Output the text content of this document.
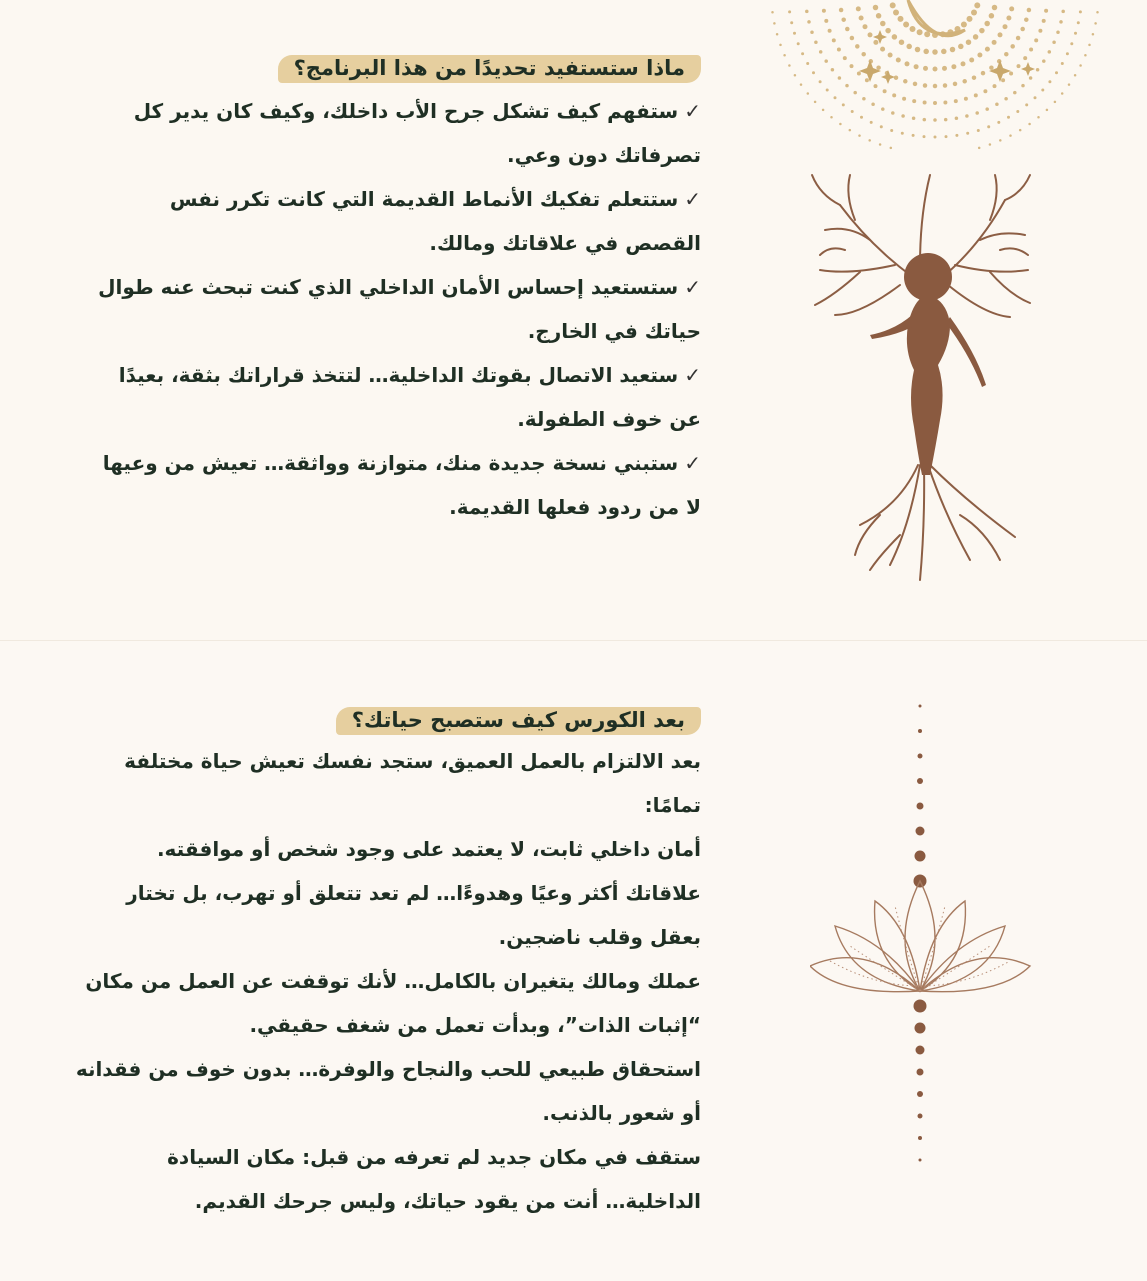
ماذا ستستفيد تحديدًا من هذا البرنامج؟
✓ستفهم كيف تشكل جرح الأب داخلك، وكيف كان يدير كل
تصرفاتك دون وعي.
✓ستتعلم تفكيك الأنماط القديمة التي كانت تكرر نفس
القصص في علاقاتك ومالك.
✓ستستعيد إحساس الأمان الداخلي الذي كنت تبحث عنه طوال
حياتك في الخارج.
✓ستعيد الاتصال بقوتك الداخلية… لتتخذ قراراتك بثقة، بعيدًا
عن خوف الطفولة.
✓ستبني نسخة جديدة منك، متوازنة وواثقة… تعيش من وعيها
لا من ردود فعلها القديمة.
بعد الكورس كيف ستصبح حياتك؟
بعد الالتزام بالعمل العميق، ستجد نفسك تعيش حياة مختلفة
تمامًا:
أمان داخلي ثابت، لا يعتمد على وجود شخص أو موافقته.
علاقاتك أكثر وعيًا وهدوءًا… لم تعد تتعلق أو تهرب، بل تختار
بعقل وقلب ناضجين.
عملك ومالك يتغيران بالكامل… لأنك توقفت عن العمل من مكان
“إثبات الذات”، وبدأت تعمل من شغف حقيقي.
استحقاق طبيعي للحب والنجاح والوفرة… بدون خوف من فقدانه
أو شعور بالذنب.
ستقف في مكان جديد لم تعرفه من قبل: مكان السيادة
الداخلية… أنت من يقود حياتك، وليس جرحك القديم.
